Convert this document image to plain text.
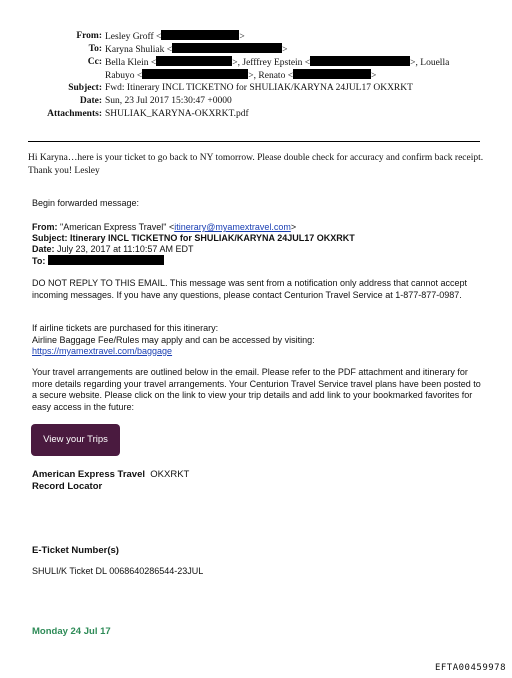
From: Lesley Groff <	>
To: Karyna Shuliak <	>
Cc: Bella Klein <	>, Jefffrey Epstein <	>, Louella
Rabuyo <	>, Renato <	>
Subject: Fwd: Itinerary INCL TICKETNO for SHULIAK/KARYNA 24JUL17 OKXRKT
Date: Sun, 23 Jul 2017 15:30:47 +0000
Attachments: SHULIAK_KARYNA-OKXRKT.pdf
Hi Karyna…here is your ticket to go back to NY tomorrow. Please double check for accuracy and confirm back receipt. Thank you! Lesley
Begin forwarded message:
From: "American Express Travel" <itinerary@myamextravel.com>
Subject: Itinerary INCL TICKETNO for SHULIAK/KARYNA 24JUL17 OKXRKT
Date: July 23, 2017 at 11:10:57 AM EDT
To:
DO NOT REPLY TO THIS EMAIL. This message was sent from a notification only address that cannot accept incoming messages. If you have any questions, please contact Centurion Travel Service at 1-877-877-0987.
If airline tickets are purchased for this itinerary:
Airline Baggage Fee/Rules may apply and can be accessed by visiting:
https://myamextravel.com/baggage
Your travel arrangements are outlined below in the email. Please refer to the PDF attachment and itinerary for more details regarding your travel arrangements. Your Centurion Travel Service travel plans have been posted to a secure website. Please click on the link to view your trip details and add link to your bookmarked favorites for easy access in the future:
View your Trips
American Express Travel OKXRKT
Record Locator
E-Ticket Number(s)
SHULI/K Ticket DL 0068640286544-23JUL
Monday 24 Jul 17
EFTA00459978
